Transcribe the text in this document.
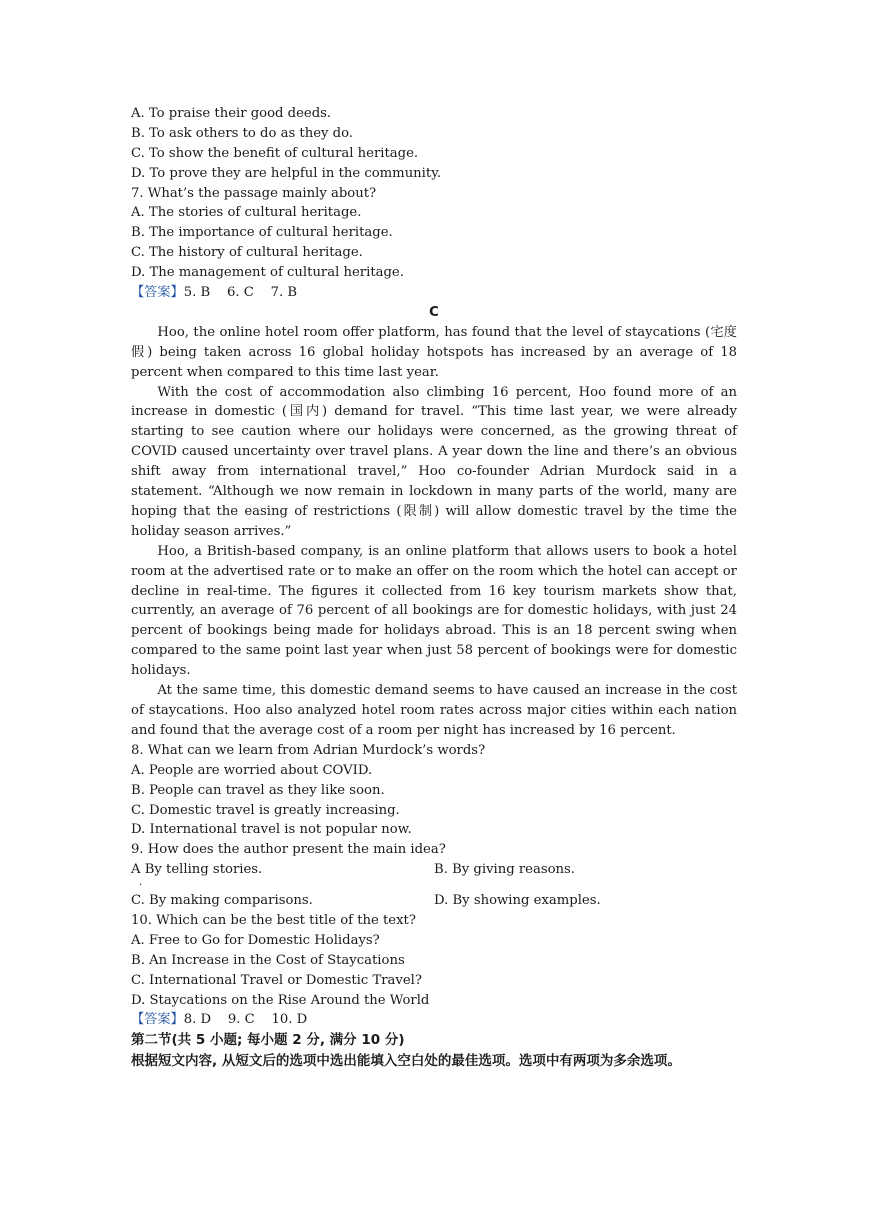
A. To praise their good deeds.
B. To ask others to do as they do.
C. To show the benefit of cultural heritage.
D. To prove they are helpful in the community.
7. What’s the passage mainly about?
A. The stories of cultural heritage.
B. The importance of cultural heritage.
C. The history of cultural heritage.
D. The management of cultural heritage.
【答案】5. B    6. C    7. B
C

Hoo, the online hotel room offer platform, has found that the level of staycations (宅度假) being taken across 16 global holiday hotspots has increased by an average of 18 percent when compared to this time last year.

With the cost of accommodation also climbing 16 percent, Hoo found more of an increase in domestic (国内) demand for travel. “This time last year, we were already starting to see caution where our holidays were concerned, as the growing threat of COVID caused uncertainty over travel plans. A year down the line and there’s an obvious shift away from international travel,” Hoo co-founder Adrian Murdock said in a statement. “Although we now remain in lockdown in many parts of the world, many are hoping that the easing of restrictions (限制) will allow domestic travel by the time the holiday season arrives.”

Hoo, a British-based company, is an online platform that allows users to book a hotel room at the advertised rate or to make an offer on the room which the hotel can accept or decline in real-time. The figures it collected from 16 key tourism markets show that, currently, an average of 76 percent of all bookings are for domestic holidays, with just 24 percent of bookings being made for holidays abroad. This is an 18 percent swing when compared to the same point last year when just 58 percent of bookings were for domestic holidays.

At the same time, this domestic demand seems to have caused an increase in the cost of staycations. Hoo also analyzed hotel room rates across major cities within each nation and found that the average cost of a room per night has increased by 16 percent.

8. What can we learn from Adrian Murdock’s words?
A. People are worried about COVID.
B. People can travel as they like soon.
C. Domestic travel is greatly increasing.
D. International travel is not popular now.
9. How does the author present the main idea?
A By telling stories.	B. By giving reasons.
·
C. By making comparisons.	D. By showing examples.
10. Which can be the best title of the text?
A. Free to Go for Domestic Holidays?
B. An Increase in the Cost of Staycations
C. International Travel or Domestic Travel?
D. Staycations on the Rise Around the World
【答案】8. D    9. C    10. D
第二节(共 5 小题; 每小题 2 分, 满分 10 分)
根据短文内容, 从短文后的选项中选出能填入空白处的最佳选项。选项中有两项为多余选项。
